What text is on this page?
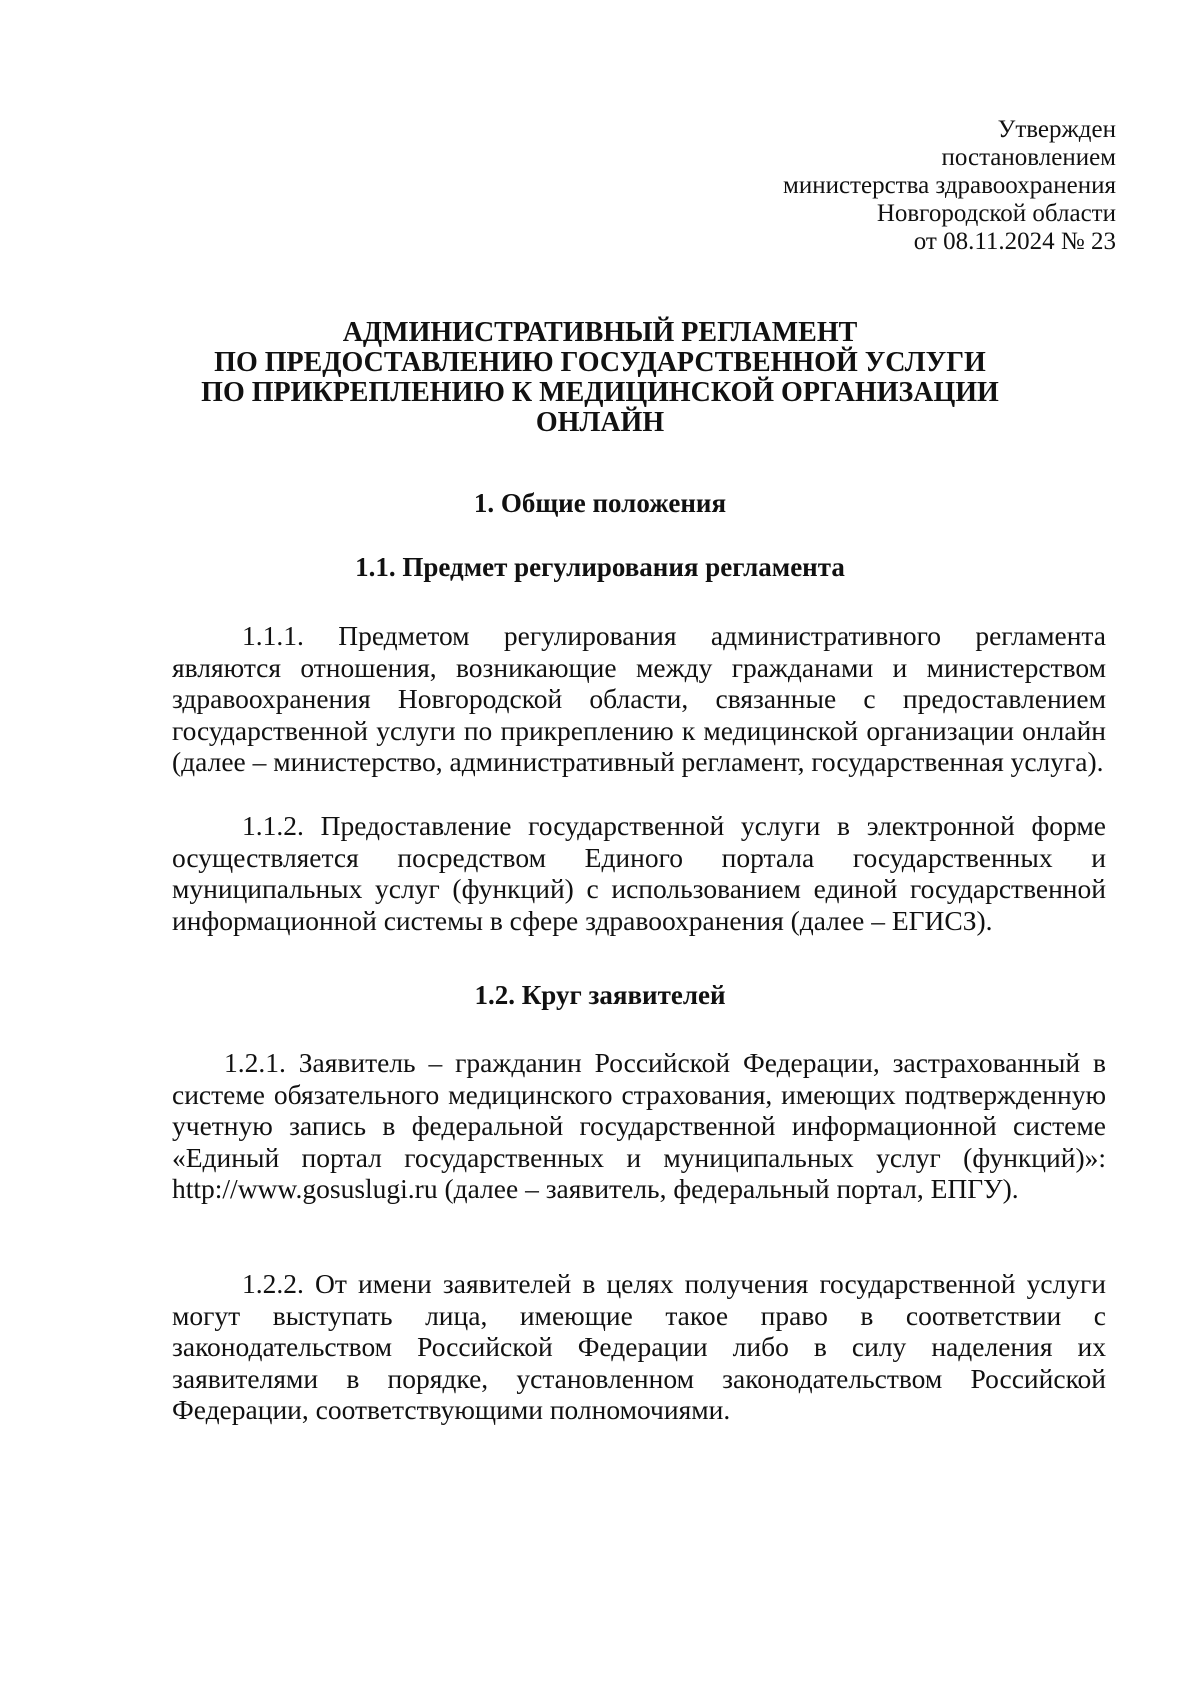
Утвержден
постановлением
министерства здравоохранения
Новгородской области
от 08.11.2024 № 23
АДМИНИСТРАТИВНЫЙ РЕГЛАМЕНТ
ПО ПРЕДОСТАВЛЕНИЮ ГОСУДАРСТВЕННОЙ УСЛУГИ
ПО ПРИКРЕПЛЕНИЮ К МЕДИЦИНСКОЙ ОРГАНИЗАЦИИ
ОНЛАЙН
1. Общие положения
1.1. Предмет регулирования регламента
1.1.1. Предметом регулирования административного регламента являются отношения, возникающие между гражданами и министерством здравоохранения Новгородской области, связанные с предоставлением государственной услуги по прикреплению к медицинской организации онлайн (далее – министерство, административный регламент, государственная услуга).
1.1.2. Предоставление государственной услуги в электронной форме осуществляется посредством Единого портала государственных и муниципальных услуг (функций) с использованием единой государственной информационной системы в сфере здравоохранения (далее – ЕГИСЗ).
1.2. Круг заявителей
1.2.1. Заявитель – гражданин Российской Федерации, застрахованный в системе обязательного медицинского страхования, имеющих подтвержденную учетную запись в федеральной государственной информационной системе «Единый портал государственных и муниципальных услуг (функций)»: http://www.gosuslugi.ru (далее – заявитель, федеральный портал, ЕПГУ).
1.2.2. От имени заявителей в целях получения государственной услуги могут выступать лица, имеющие такое право в соответствии с законодательством Российской Федерации либо в силу наделения их заявителями в порядке, установленном законодательством Российской Федерации, соответствующими полномочиями.
